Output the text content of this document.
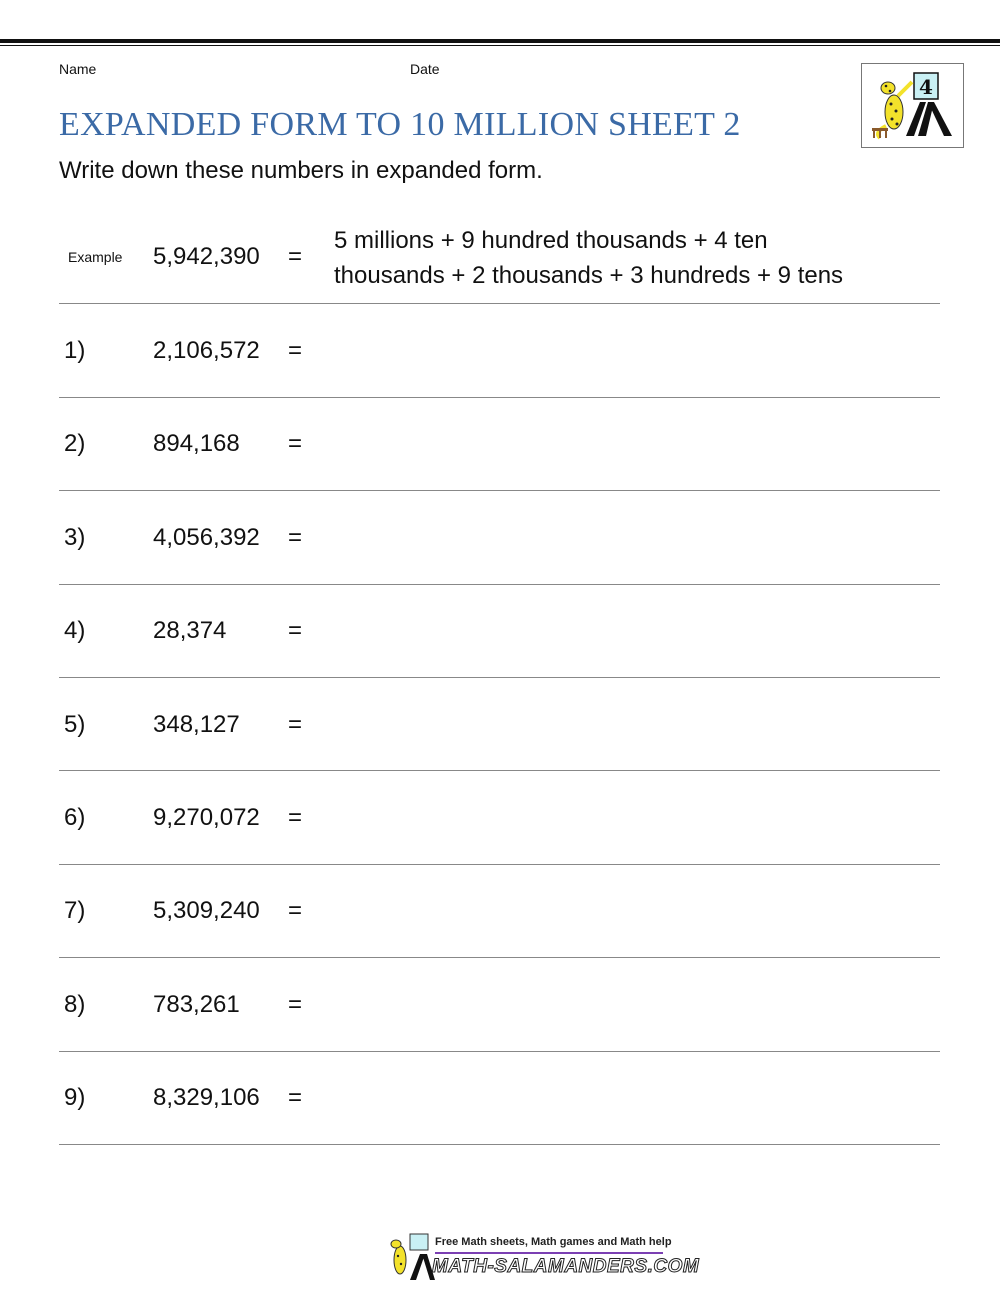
Name	Date
EXPANDED FORM TO 10 MILLION SHEET 2
Write down these numbers in expanded form.
4
Example 5,942,390 =
5 millions + 9 hundred thousands + 4 ten
thousands + 2 thousands + 3 hundreds + 9 tens
1)	2,106,572 =
2)	894,168 =
3)	4,056,392 =
4)	28,374	=
5)	348,127 =
6)	9,270,072 =
7)	5,309,240 =
8)	783,261 =
9)	8,329,106 =
Free Math sheets, Math games and Math help
MATH-SALAMANDERS.COM
